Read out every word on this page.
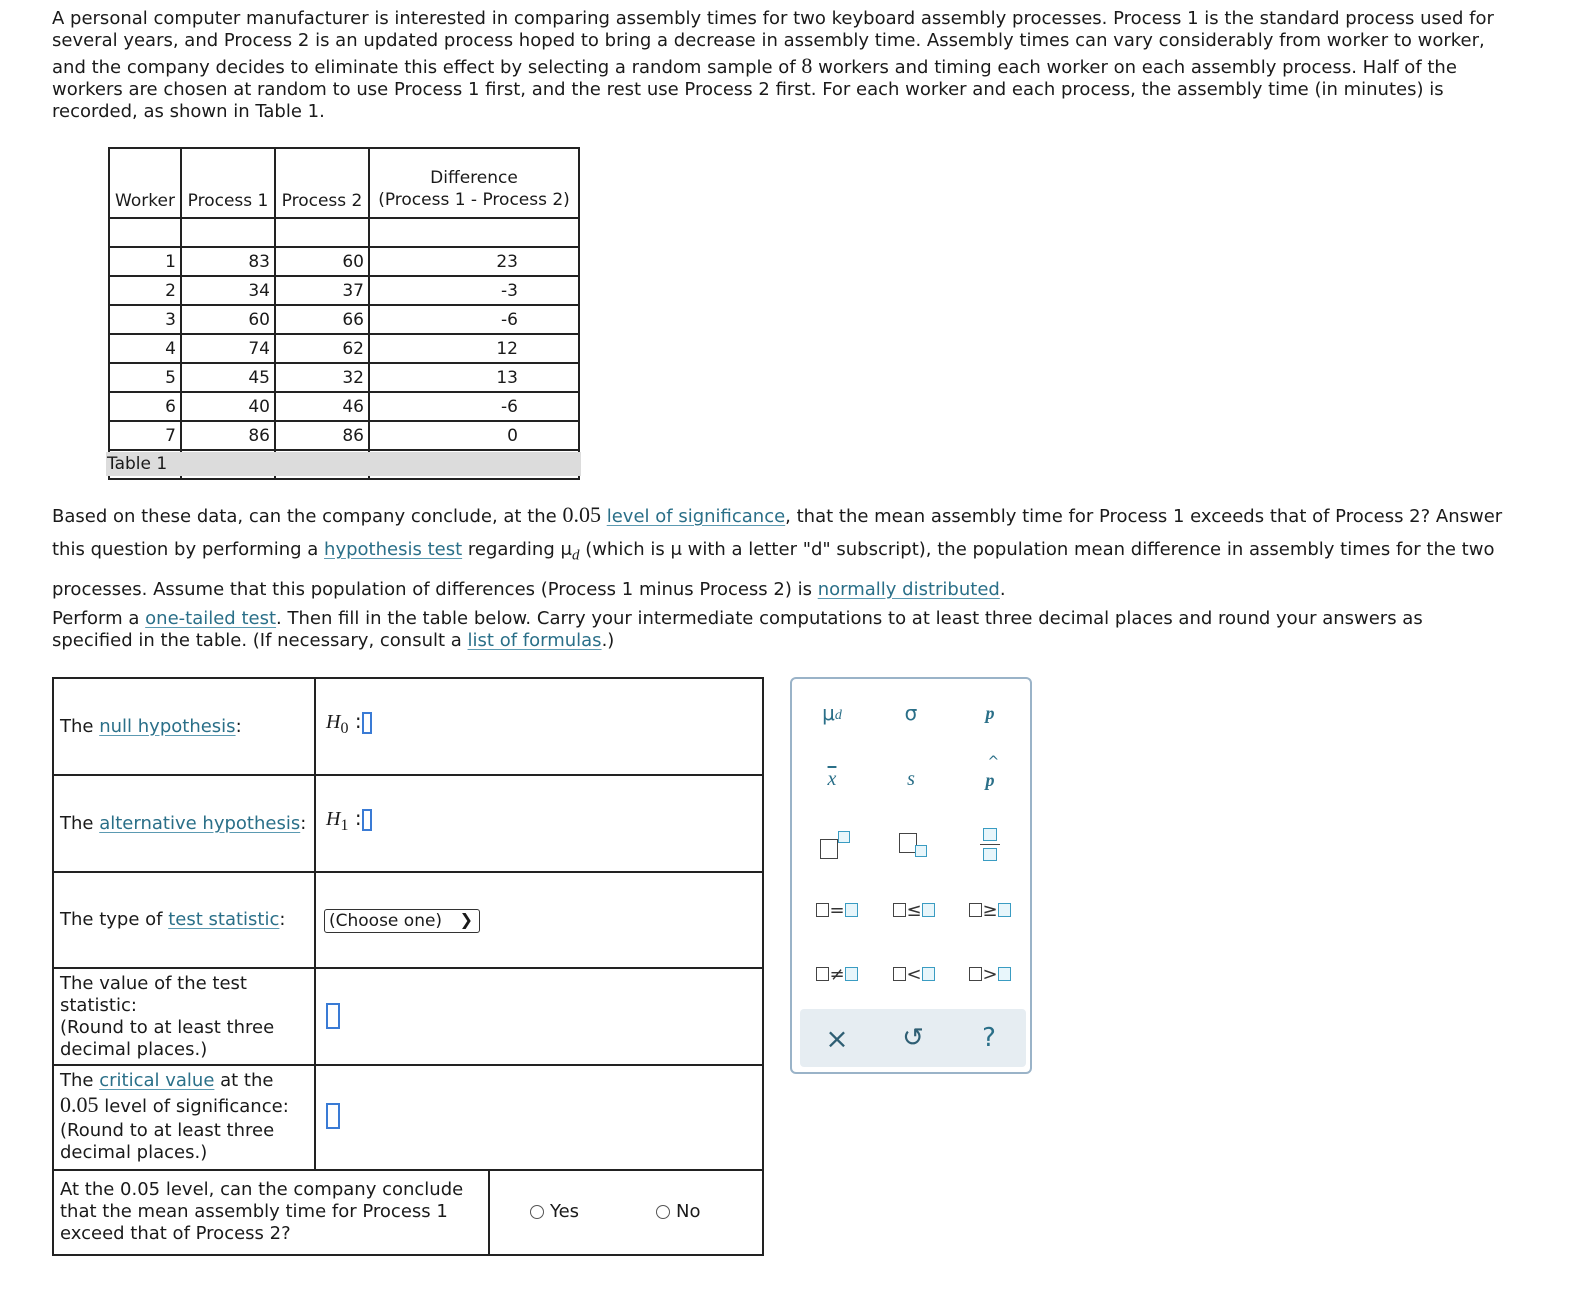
A personal computer manufacturer is interested in comparing assembly times for two keyboard assembly processes. Process 1 is the standard process used for
several years, and Process 2 is an updated process hoped to bring a decrease in assembly time. Assembly times can vary considerably from worker to worker,
and the company decides to eliminate this effect by selecting a random sample of 8 workers and timing each worker on each assembly process. Half of the
workers are chosen at random to use Process 1 first, and the rest use Process 2 first. For each worker and each process, the assembly time (in minutes) is
recorded, as shown in Table 1.
Worker	Process 1	Process 2	Difference
(Process 1 - Process 2)

1	83	60	23
2	34	37	-3
3	60	66	-6
4	74	62	12
5	45	32	13
6	40	46	-6
7	86	86	0

Table 1
Based on these data, can the company conclude, at the 0.05 level of significance, that the mean assembly time for Process 1 exceeds that of Process 2? Answer
this question by performing a hypothesis test regarding $\mu_d$ (which is μ with a letter "d" subscript), the population mean difference in assembly times for the two
processes. Assume that this population of differences (Process 1 minus Process 2) is normally distributed.
Perform a one-tailed test. Then fill in the table below. Carry your intermediate computations to at least three decimal places and round your answers as
specified in the table. (If necessary, consult a list of formulas.)
The null hypothesis:	$H_0$ :
The alternative hypothesis: $H_1$ :
The type of test statistic:	(Choose one) ❯
The value of the test
statistic:
(Round to at least three
decimal places.)
The critical value at the
0.05 level of significance:
(Round to at least three
decimal places.)
At the 0.05 level, can the company conclude
that the mean assembly time for Process 1
exceed that of Process 2?
Yes	No
μ d	σ	p
$\overline{x}$	s
^
p
=	≤	≥
≠	<	>
× ↺ ?
